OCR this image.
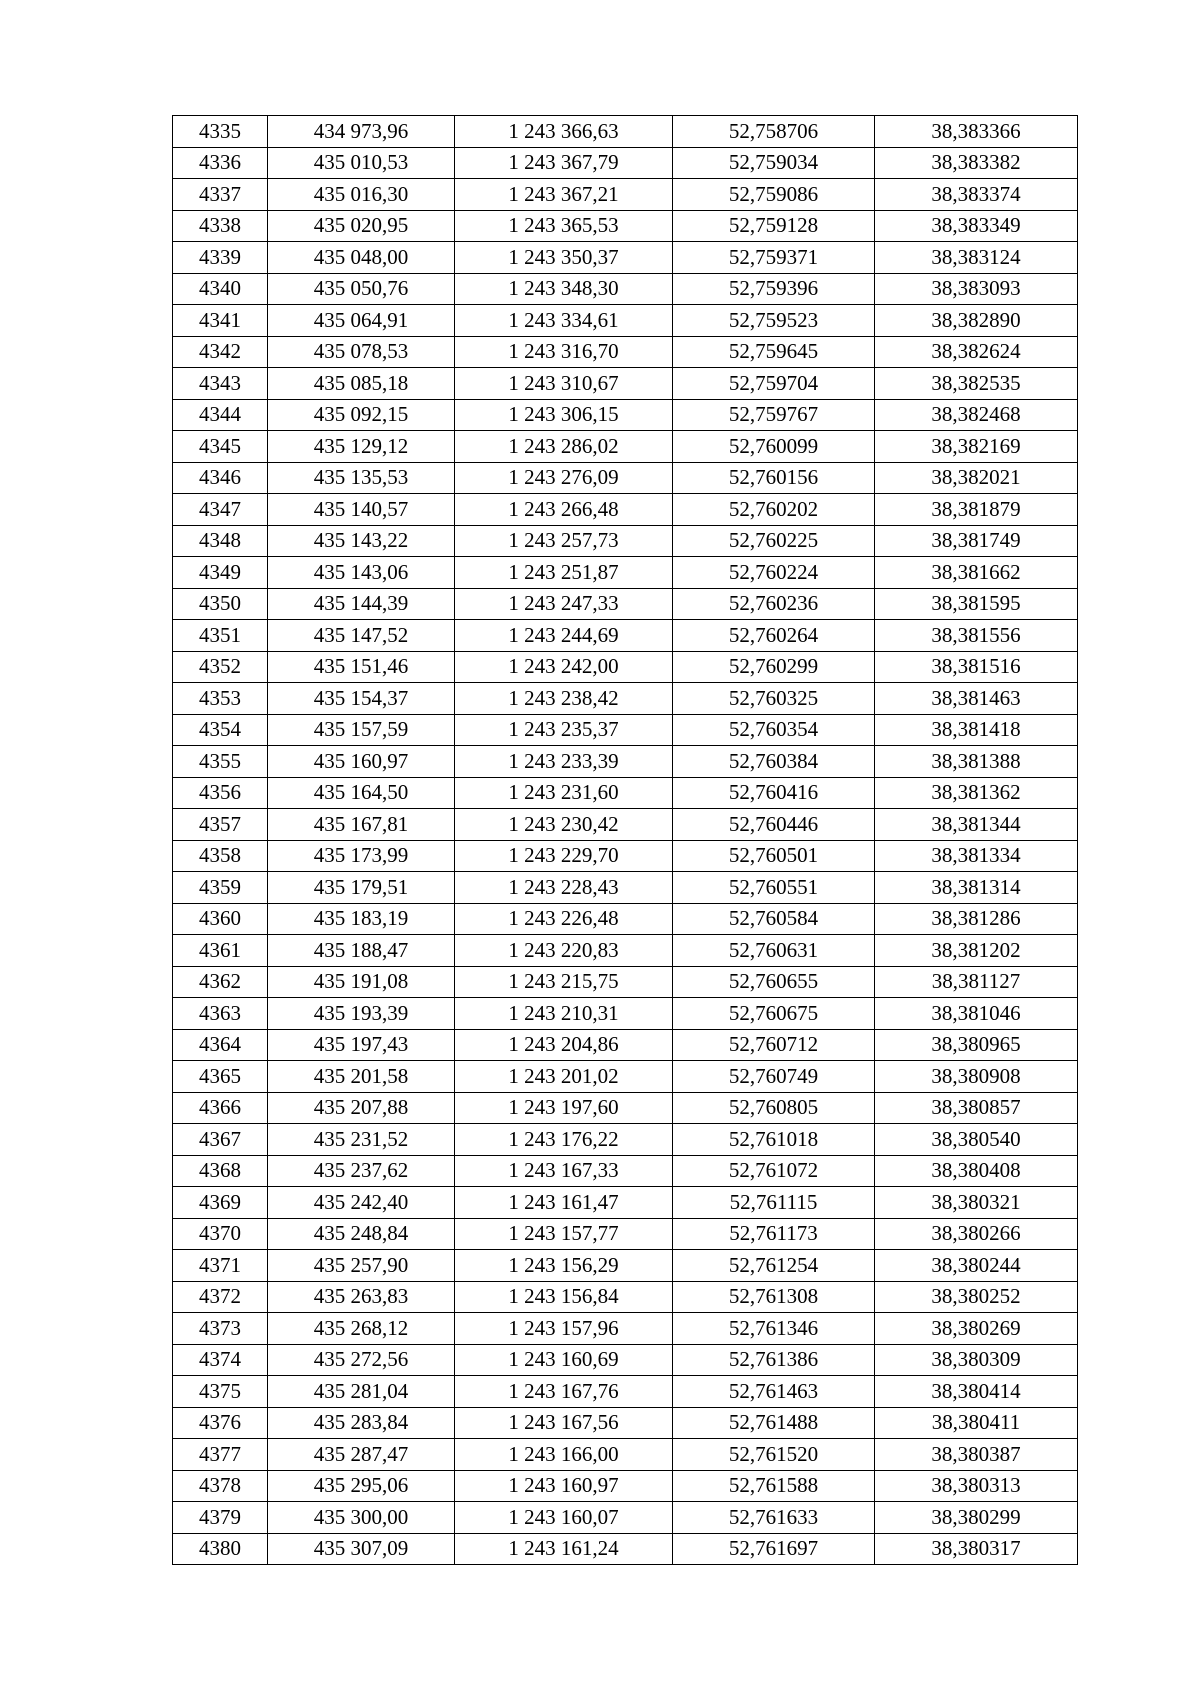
4335	434 973,96	1 243 366,63	52,758706	38,383366
4336	435 010,53	1 243 367,79	52,759034	38,383382
4337	435 016,30	1 243 367,21	52,759086	38,383374
4338	435 020,95	1 243 365,53	52,759128	38,383349
4339	435 048,00	1 243 350,37	52,759371	38,383124
4340	435 050,76	1 243 348,30	52,759396	38,383093
4341	435 064,91	1 243 334,61	52,759523	38,382890
4342	435 078,53	1 243 316,70	52,759645	38,382624
4343	435 085,18	1 243 310,67	52,759704	38,382535
4344	435 092,15	1 243 306,15	52,759767	38,382468
4345	435 129,12	1 243 286,02	52,760099	38,382169
4346	435 135,53	1 243 276,09	52,760156	38,382021
4347	435 140,57	1 243 266,48	52,760202	38,381879
4348	435 143,22	1 243 257,73	52,760225	38,381749
4349	435 143,06	1 243 251,87	52,760224	38,381662
4350	435 144,39	1 243 247,33	52,760236	38,381595
4351	435 147,52	1 243 244,69	52,760264	38,381556
4352	435 151,46	1 243 242,00	52,760299	38,381516
4353	435 154,37	1 243 238,42	52,760325	38,381463
4354	435 157,59	1 243 235,37	52,760354	38,381418
4355	435 160,97	1 243 233,39	52,760384	38,381388
4356	435 164,50	1 243 231,60	52,760416	38,381362
4357	435 167,81	1 243 230,42	52,760446	38,381344
4358	435 173,99	1 243 229,70	52,760501	38,381334
4359	435 179,51	1 243 228,43	52,760551	38,381314
4360	435 183,19	1 243 226,48	52,760584	38,381286
4361	435 188,47	1 243 220,83	52,760631	38,381202
4362	435 191,08	1 243 215,75	52,760655	38,381127
4363	435 193,39	1 243 210,31	52,760675	38,381046
4364	435 197,43	1 243 204,86	52,760712	38,380965
4365	435 201,58	1 243 201,02	52,760749	38,380908
4366	435 207,88	1 243 197,60	52,760805	38,380857
4367	435 231,52	1 243 176,22	52,761018	38,380540
4368	435 237,62	1 243 167,33	52,761072	38,380408
4369	435 242,40	1 243 161,47	52,761115	38,380321
4370	435 248,84	1 243 157,77	52,761173	38,380266
4371	435 257,90	1 243 156,29	52,761254	38,380244
4372	435 263,83	1 243 156,84	52,761308	38,380252
4373	435 268,12	1 243 157,96	52,761346	38,380269
4374	435 272,56	1 243 160,69	52,761386	38,380309
4375	435 281,04	1 243 167,76	52,761463	38,380414
4376	435 283,84	1 243 167,56	52,761488	38,380411
4377	435 287,47	1 243 166,00	52,761520	38,380387
4378	435 295,06	1 243 160,97	52,761588	38,380313
4379	435 300,00	1 243 160,07	52,761633	38,380299
4380	435 307,09	1 243 161,24	52,761697	38,380317
